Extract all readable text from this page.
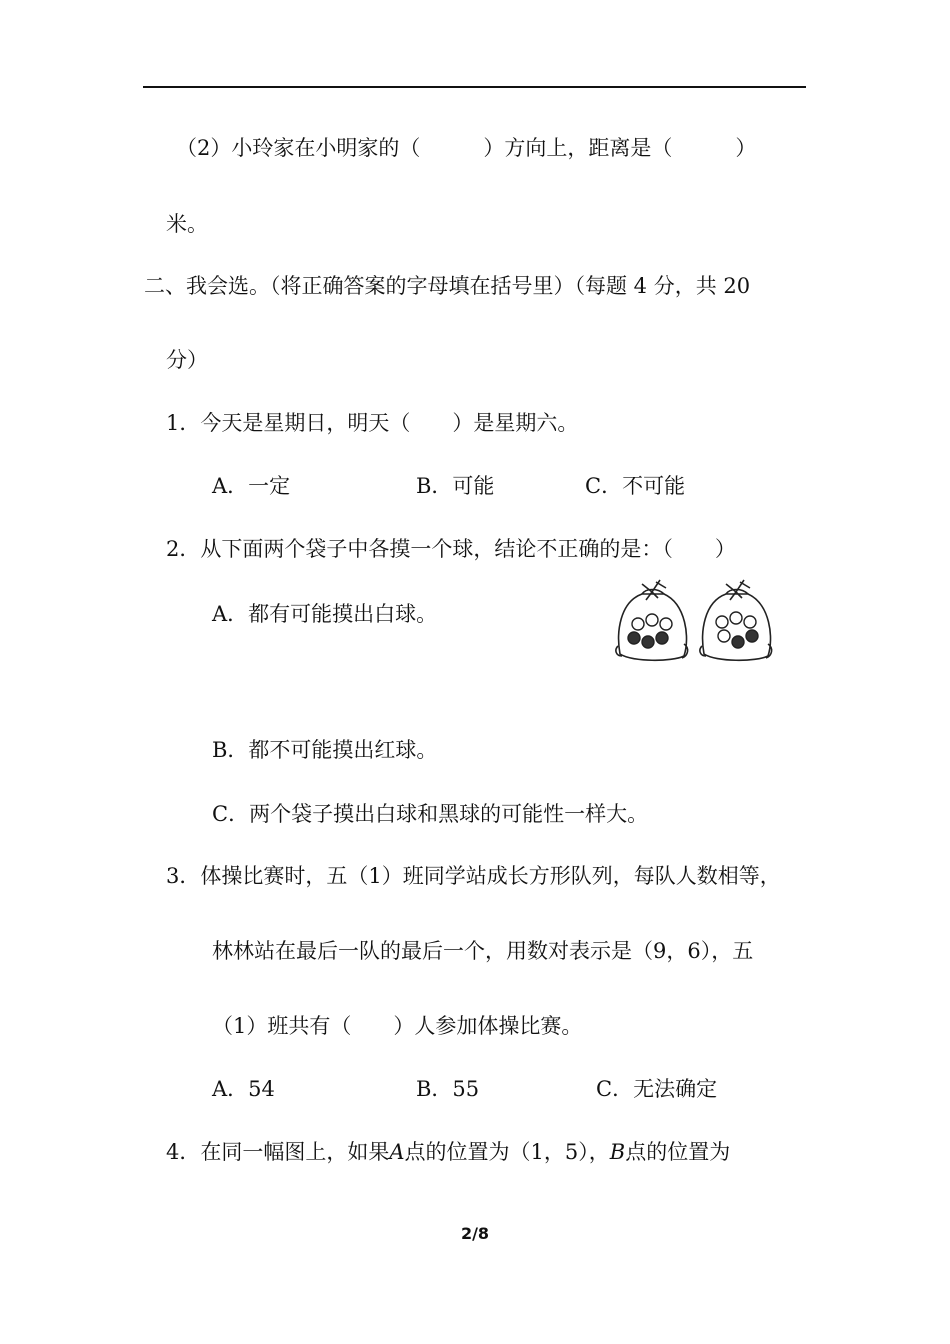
（2）小玲家在小明家的（　　　）方向上，距离是（　　　）
米。
二、我会选。（将正确答案的字母填在括号里）（每题 4 分，共 20
分）
1．今天是星期日，明天（　　）是星期六。
A．一定	B．可能	C．不可能
2．从下面两个袋子中各摸一个球，结论不正确的是：（　　）
A．都有可能摸出白球。
B．都不可能摸出红球。
C．两个袋子摸出白球和黑球的可能性一样大。
3．体操比赛时，五（1）班同学站成长方形队列，每队人数相等，
林林站在最后一队的最后一个，用数对表示是（9，6），五
（1）班共有（　　）人参加体操比赛。
A．54	B．55	C．无法确定
4．在同一幅图上，如果A点的位置为（1，5），B点的位置为
2/8
